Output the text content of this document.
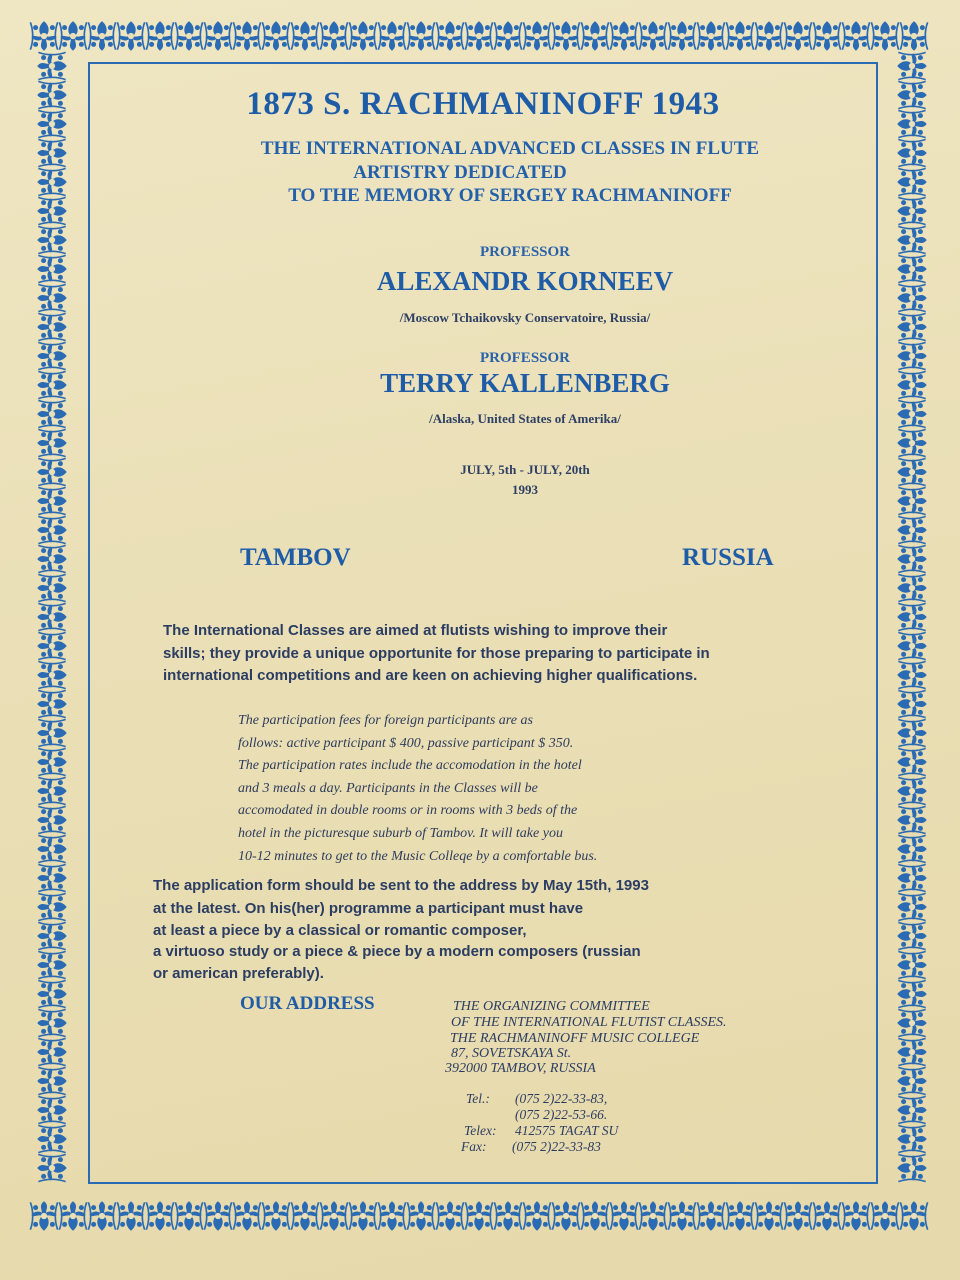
1873 S. RACHMANINOFF 1943
THE INTERNATIONAL ADVANCED CLASSES IN FLUTE
ARTISTRY DEDICATED
TO THE MEMORY OF SERGEY RACHMANINOFF
PROFESSOR
ALEXANDR KORNEEV
/Moscow Tchaikovsky Conservatoire, Russia/
PROFESSOR
TERRY KALLENBERG
/Alaska, United States of Amerika/
JULY, 5th - JULY, 20th
1993
TAMBOV	RUSSIA
The International Classes are aimed at flutists wishing to improve their
skills; they provide a unique opportunite for those preparing to participate in
international competitions and are keen on achieving higher qualifications.
The participation fees for foreign participants are as
follows: active participant $ 400, passive participant $ 350.
The participation rates include the accomodation in the hotel
and 3 meals a day. Participants in the Classes will be
accomodated in double rooms or in rooms with 3 beds of the
hotel in the picturesque suburb of Tambov. It will take you
10-12 minutes to get to the Music Colleqe by a comfortable bus.
The application form should be sent to the address by May 15th, 1993
at the latest. On his(her) programme a participant must have
at least a piece by a classical or romantic composer,
a virtuoso study or a piece & piece by a modern composers (russian
or american preferably).
OUR ADDRESS	THE ORGANIZING COMMITTEE
OF THE INTERNATIONAL FLUTIST CLASSES.
THE RACHMANINOFF MUSIC COLLEGE
87, SOVETSKAYA St.
392000 TAMBOV, RUSSIA
Tel.: (075 2)22-33-83,
(075 2)22-53-66.
Telex: 412575 TAGAT SU
Fax: (075 2)22-33-83
